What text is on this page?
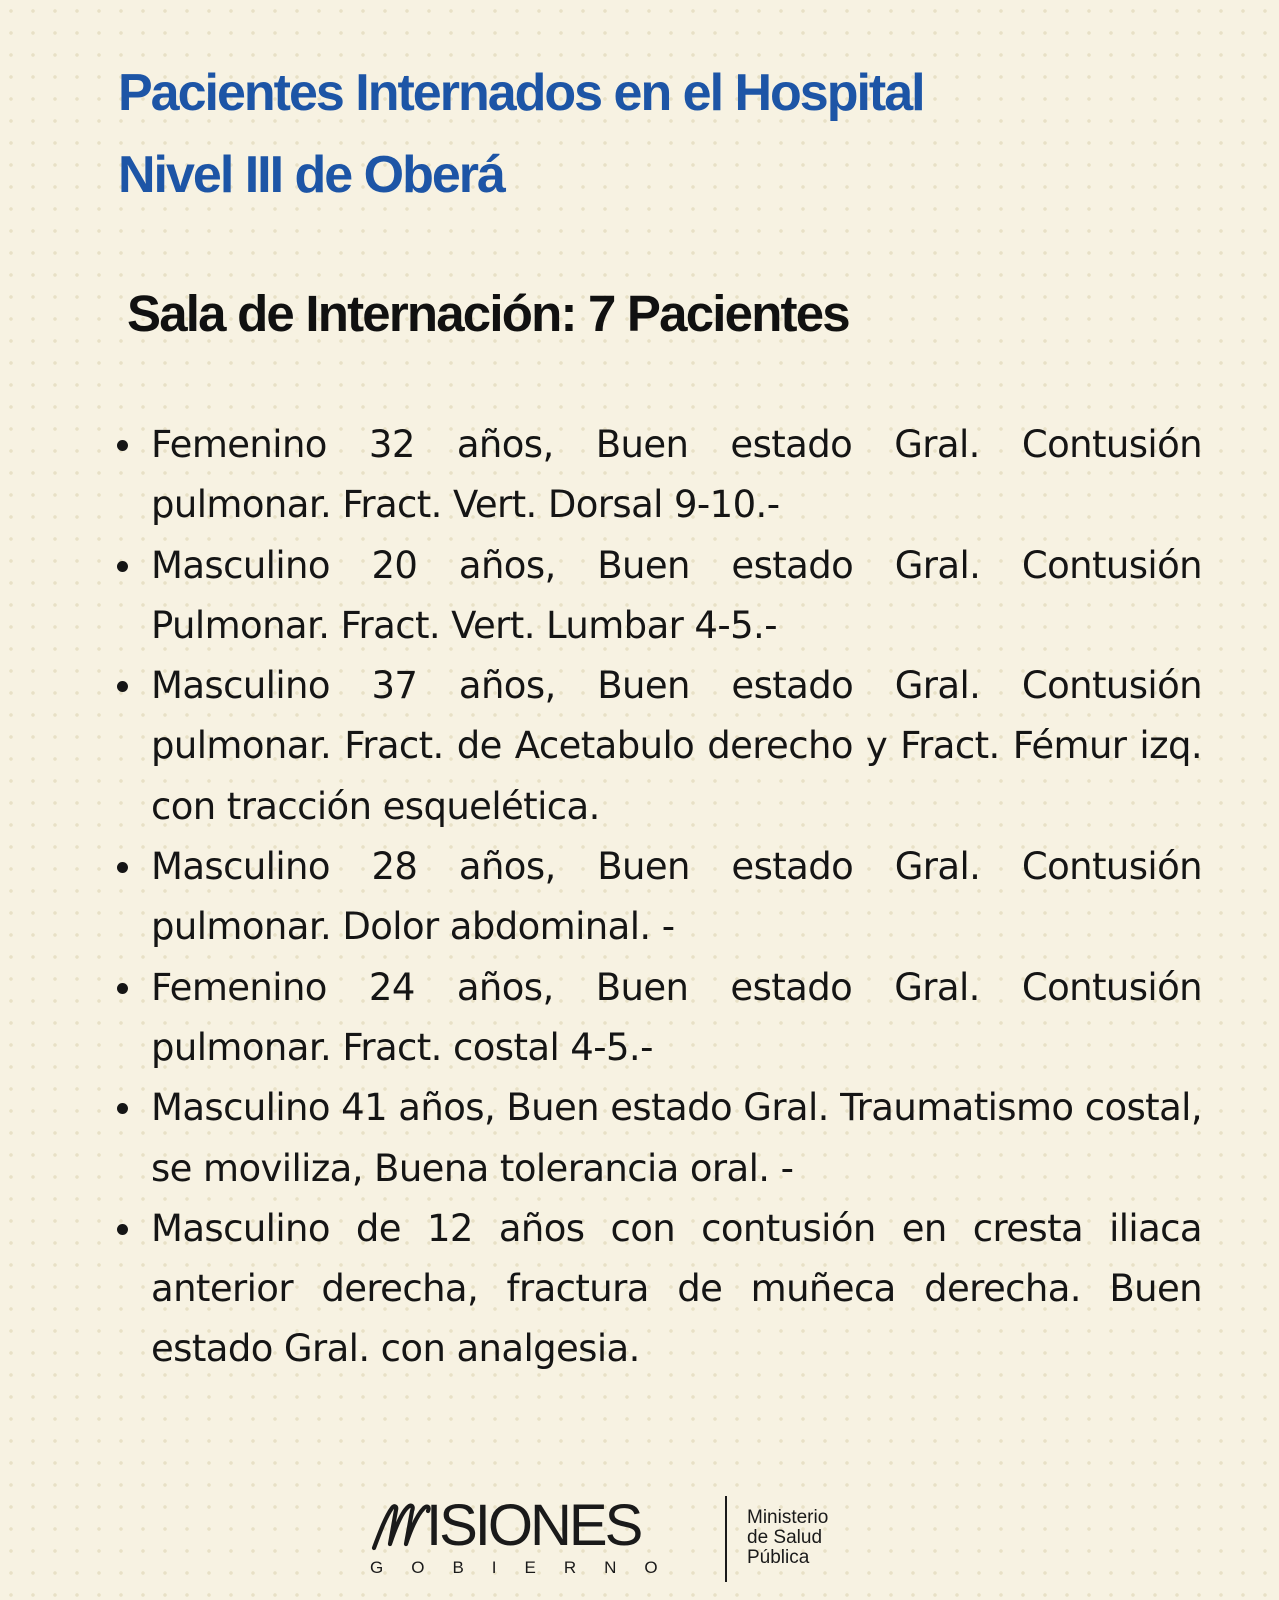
Pacientes Internados en el Hospital
Nivel III de Oberá
Sala de Internación: 7 Pacientes
Femenino 32 años, Buen estado Gral. Contusión pulmonar. Fract. Vert. Dorsal 9-10.-
Masculino 20 años, Buen estado Gral. Contusión Pulmonar. Fract. Vert. Lumbar 4-5.-
Masculino 37 años, Buen estado Gral. Contusión pulmonar. Fract. de Acetabulo derecho y Fract. Fémur izq. con tracción esquelética.
Masculino 28 años, Buen estado Gral. Contusión pulmonar. Dolor abdominal. -
Femenino 24 años, Buen estado Gral. Contusión pulmonar. Fract. costal 4-5.-
Masculino 41 años, Buen estado Gral. Traumatismo costal, se moviliza, Buena tolerancia oral. -
Masculino de 12 años con contusión en cresta iliaca anterior derecha, fractura de muñeca derecha. Buen estado Gral. con analgesia.
ISIONES
GOBIERNO
Ministerio
de Salud
Pública
